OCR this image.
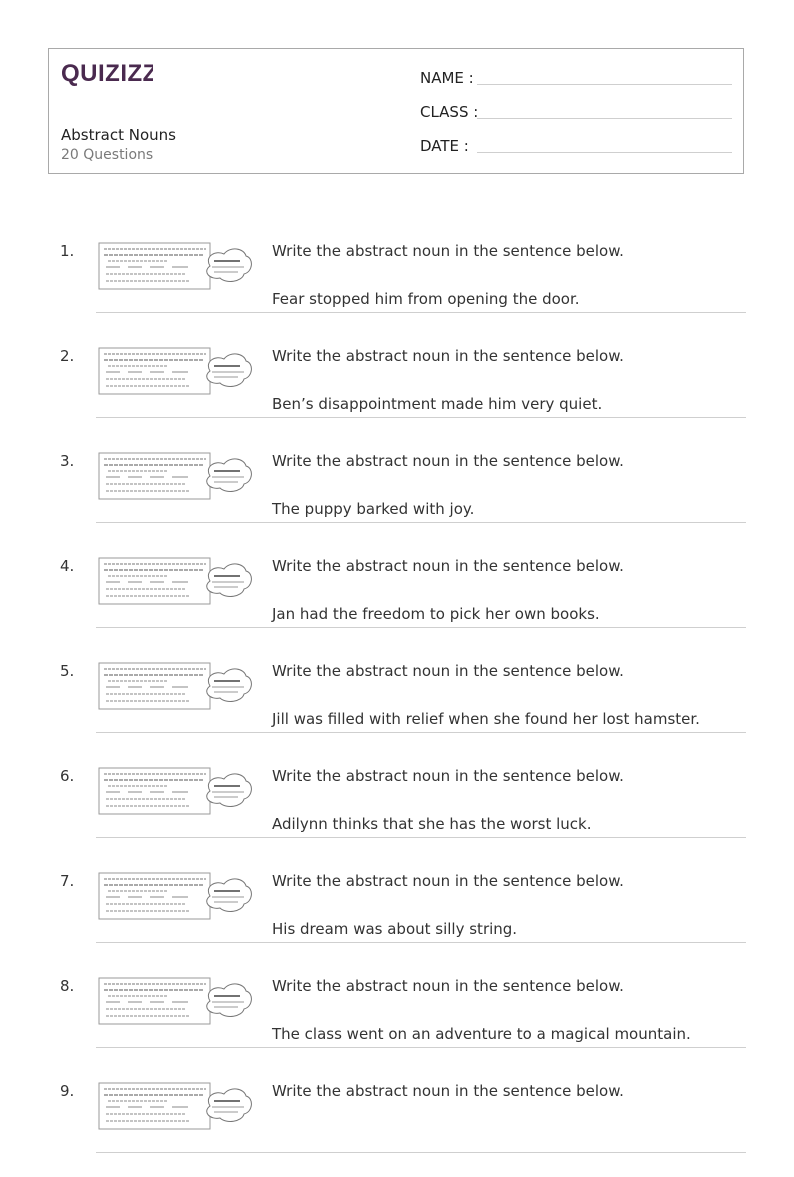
QUIZIZZ
Abstract Nouns
20 Questions
NAME :
CLASS :
DATE :
1.	Write the abstract noun in the sentence below.
Fear stopped him from opening the door.
2.	Write the abstract noun in the sentence below.
Ben’s disappointment made him very quiet.
3.	Write the abstract noun in the sentence below.
The puppy barked with joy.
4.	Write the abstract noun in the sentence below.
Jan had the freedom to pick her own books.
5.	Write the abstract noun in the sentence below.
Jill was filled with relief when she found her lost hamster.
6.	Write the abstract noun in the sentence below.
Adilynn thinks that she has the worst luck.
7.	Write the abstract noun in the sentence below.
His dream was about silly string.
8.	Write the abstract noun in the sentence below.
The class went on an adventure to a magical mountain.
9.	Write the abstract noun in the sentence below.
